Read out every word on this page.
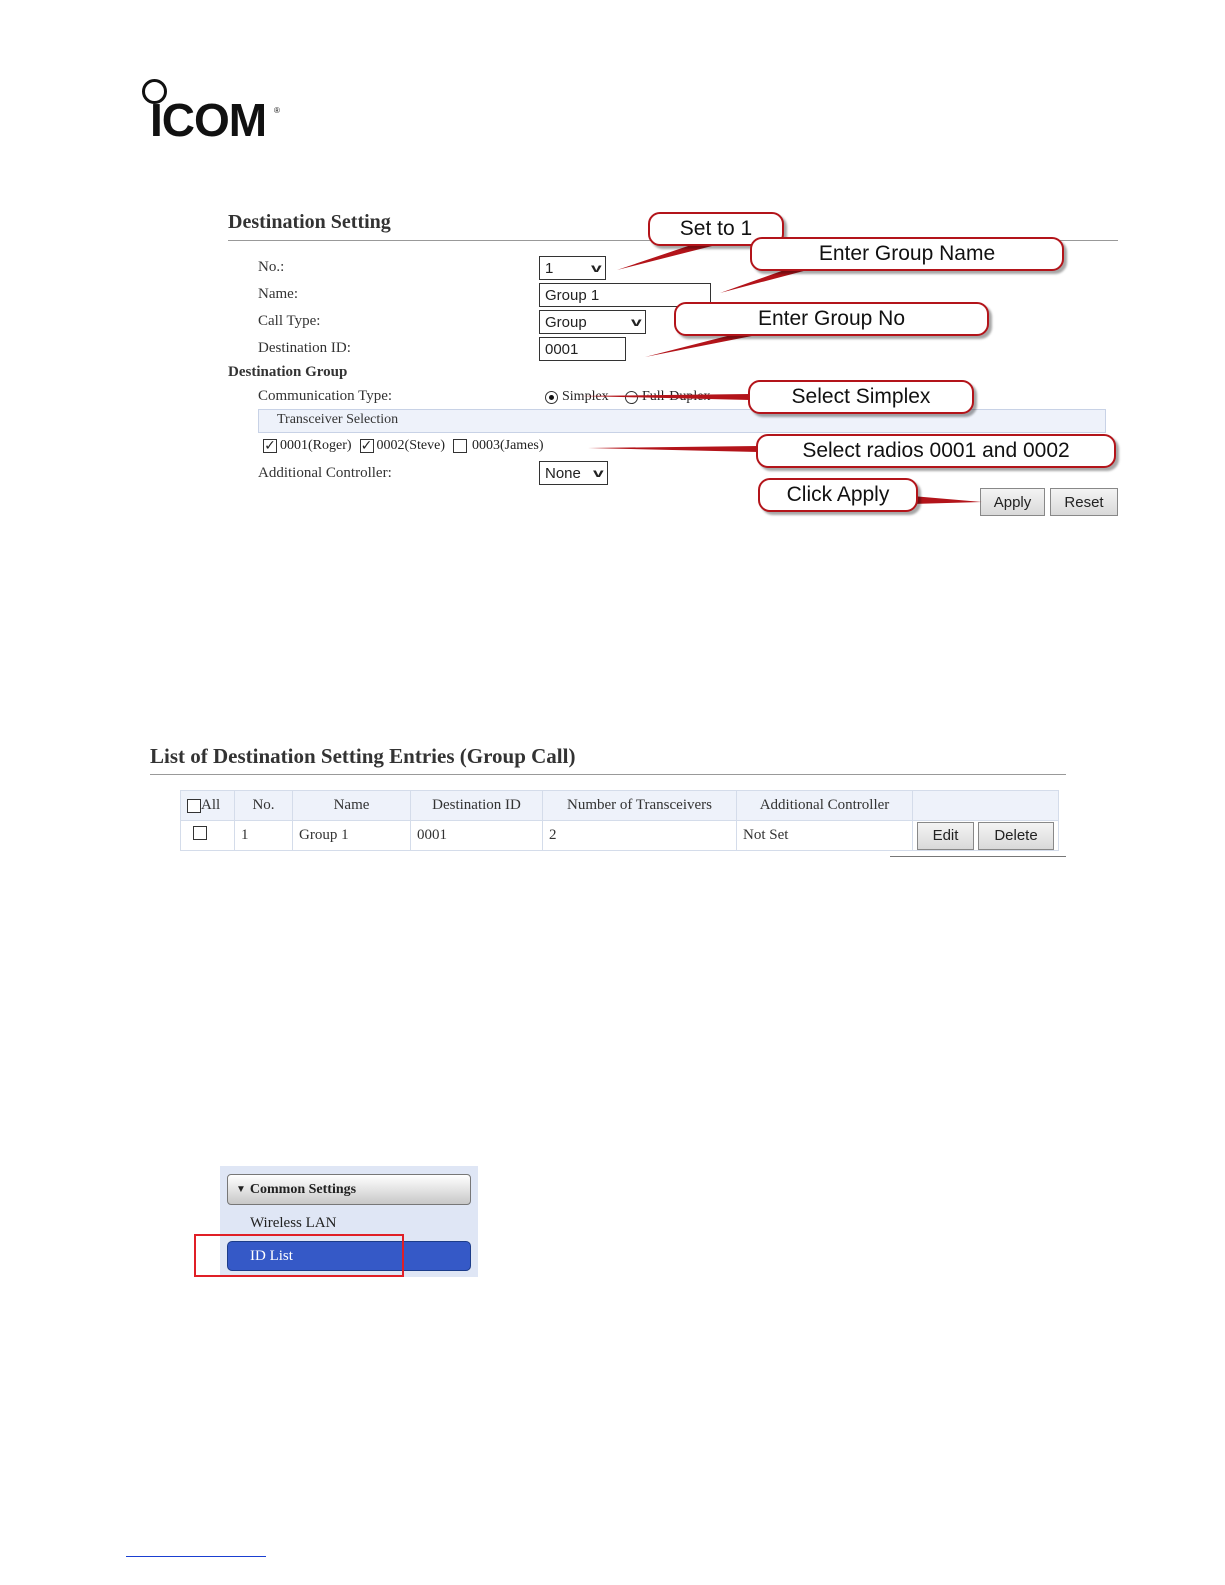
ICOM ®
Destination Setting
No.:	1	v
Name:	Group 1
Call Type:	Group	v
Destination ID:	0001
Destination Group
Communication Type:	Simplex
Transceiver Selection
✓ 0001(Roger) ✓ 0002(Steve) 0003(James)
Additional Controller:	None v
Apply	Reset
Set to 1
Enter Group Name
Enter Group No
Select Simplex
Select radios 0001 and 0002
Click Apply
List of Destination Setting Entries (Group Call)
All	No.	Name	Destination ID	Number of Transceivers	Additional Controller	
	1	Group 1	0001	2	Not Set	Edit Delete
▼ Common Settings
Wireless LAN
ID List
